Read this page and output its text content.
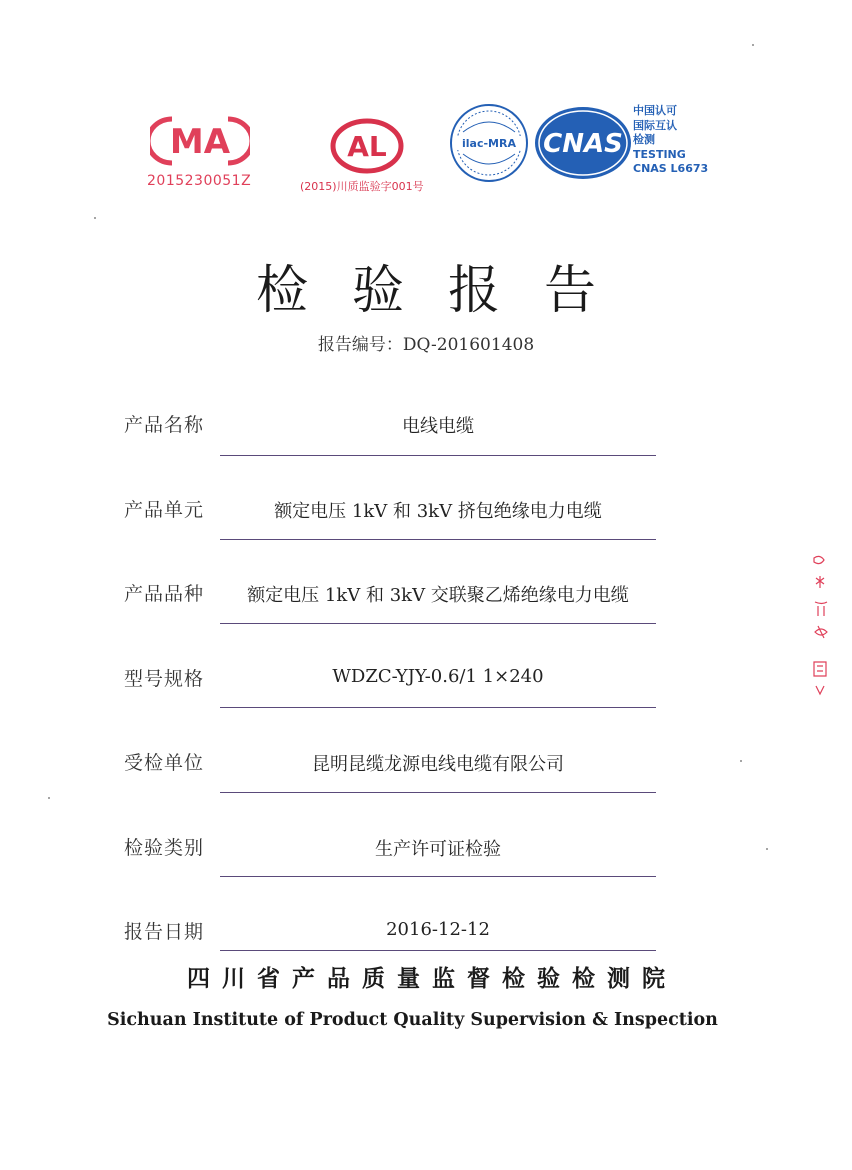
MA
2015230051Z
AL
(2015)川质监验字001号
ilac-MRA CNAS
中国认可
国际互认
检测
TESTING
CNAS L6673
检验报告
报告编号：DQ-201601408
产品名称	电线电缆
产品单元	额定电压 1kV 和 3kV 挤包绝缘电力电缆
产品品种	额定电压 1kV 和 3kV 交联聚乙烯绝缘电力电缆
型号规格	WDZC-YJY-0.6/1 1×240
受检单位	昆明昆缆龙源电线电缆有限公司
检验类别	生产许可证检验
报告日期	2016-12-12
四川省产品质量监督检验检测院
Sichuan Institute of Product Quality Supervision & Inspection
